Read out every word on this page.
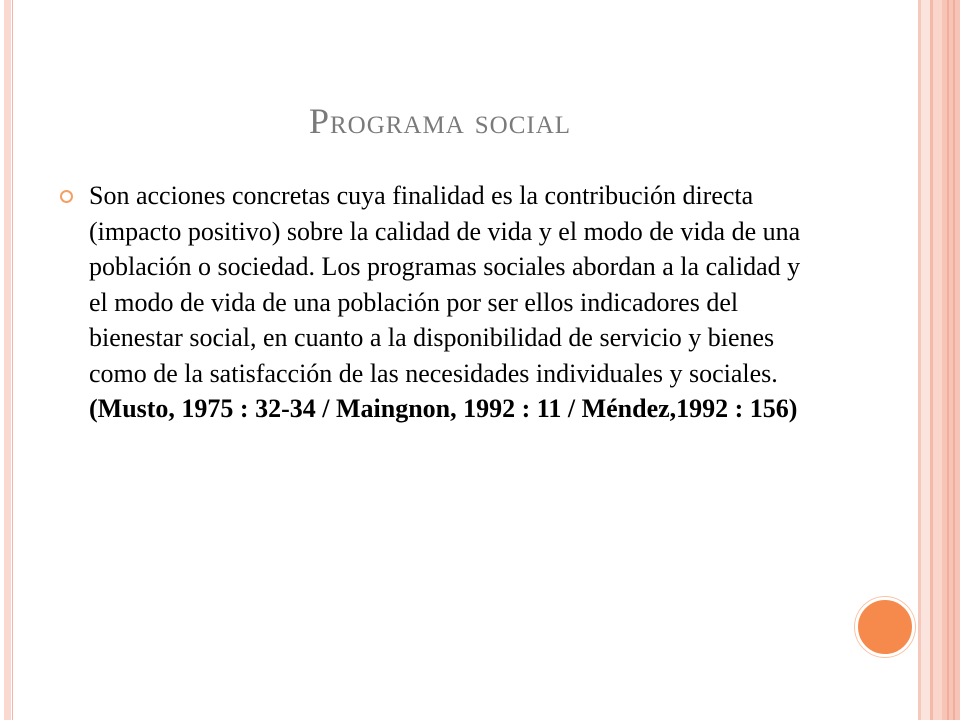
Programa social

Son acciones concretas cuya finalidad es la contribución directa (impacto positivo) sobre la calidad de vida y el modo de vida de una población o sociedad. Los programas sociales abordan a la calidad y el modo de vida de una población por ser ellos indicadores del bienestar social, en cuanto a la disponibilidad de servicio y bienes como de la satisfacción de las necesidades individuales y sociales. (Musto, 1975 : 32-34 / Maingnon, 1992 : 11 / Méndez,1992 : 156)
